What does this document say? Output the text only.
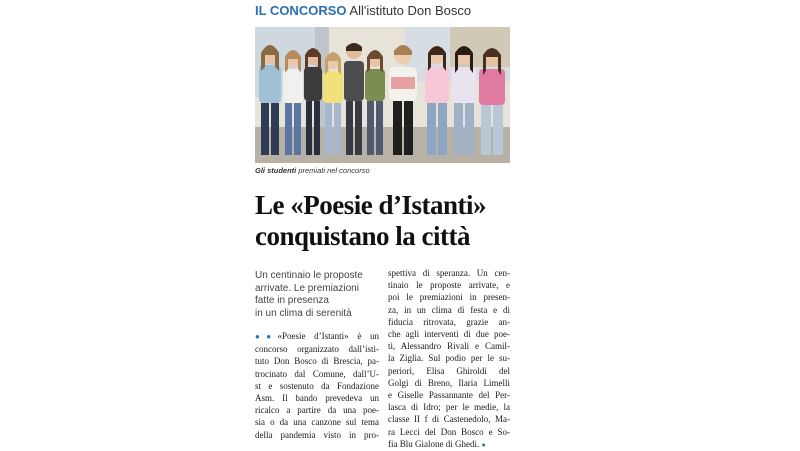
IL CONCORSO All'istituto Don Bosco
Gli studenti premiati nel concorso
Le «Poesie d’Istanti»
conquistano la città
Un centinaio le proposte
arrivate. Le premiazioni
fatte in presenza
in un clima di serenità
●●«Poesie d’Istanti» è un
concorso organizzato dall’isti-
tuto Don Bosco di Brescia, pa-
trocinato dal Comune, dall’U-
st e sostenuto da Fondazione
Asm. Il bando prevedeva un
ricalco a partire da una poe-
sia o da una canzone sul tema
della pandemia visto in pro-
spettiva di speranza. Un cen-
tinaio le proposte arrivate, e
poi le premiazioni in presen-
za, in un clima di festa e di
fiducia ritrovata, grazie an-
che agli interventi di due poe-
ti, Alessandro Rivali e Camil-
la Ziglia. Sul podio per le su-
periori, Elisa Ghiroldi del
Golgi di Breno, Ilaria Limelli
e Giselle Passannante del Per-
lasca di Idro; per le medie, la
classe II f di Castenedolo, Ma-
ra Lecci del Don Bosco e So-
fia Blu Gialone di Ghedi. ●
